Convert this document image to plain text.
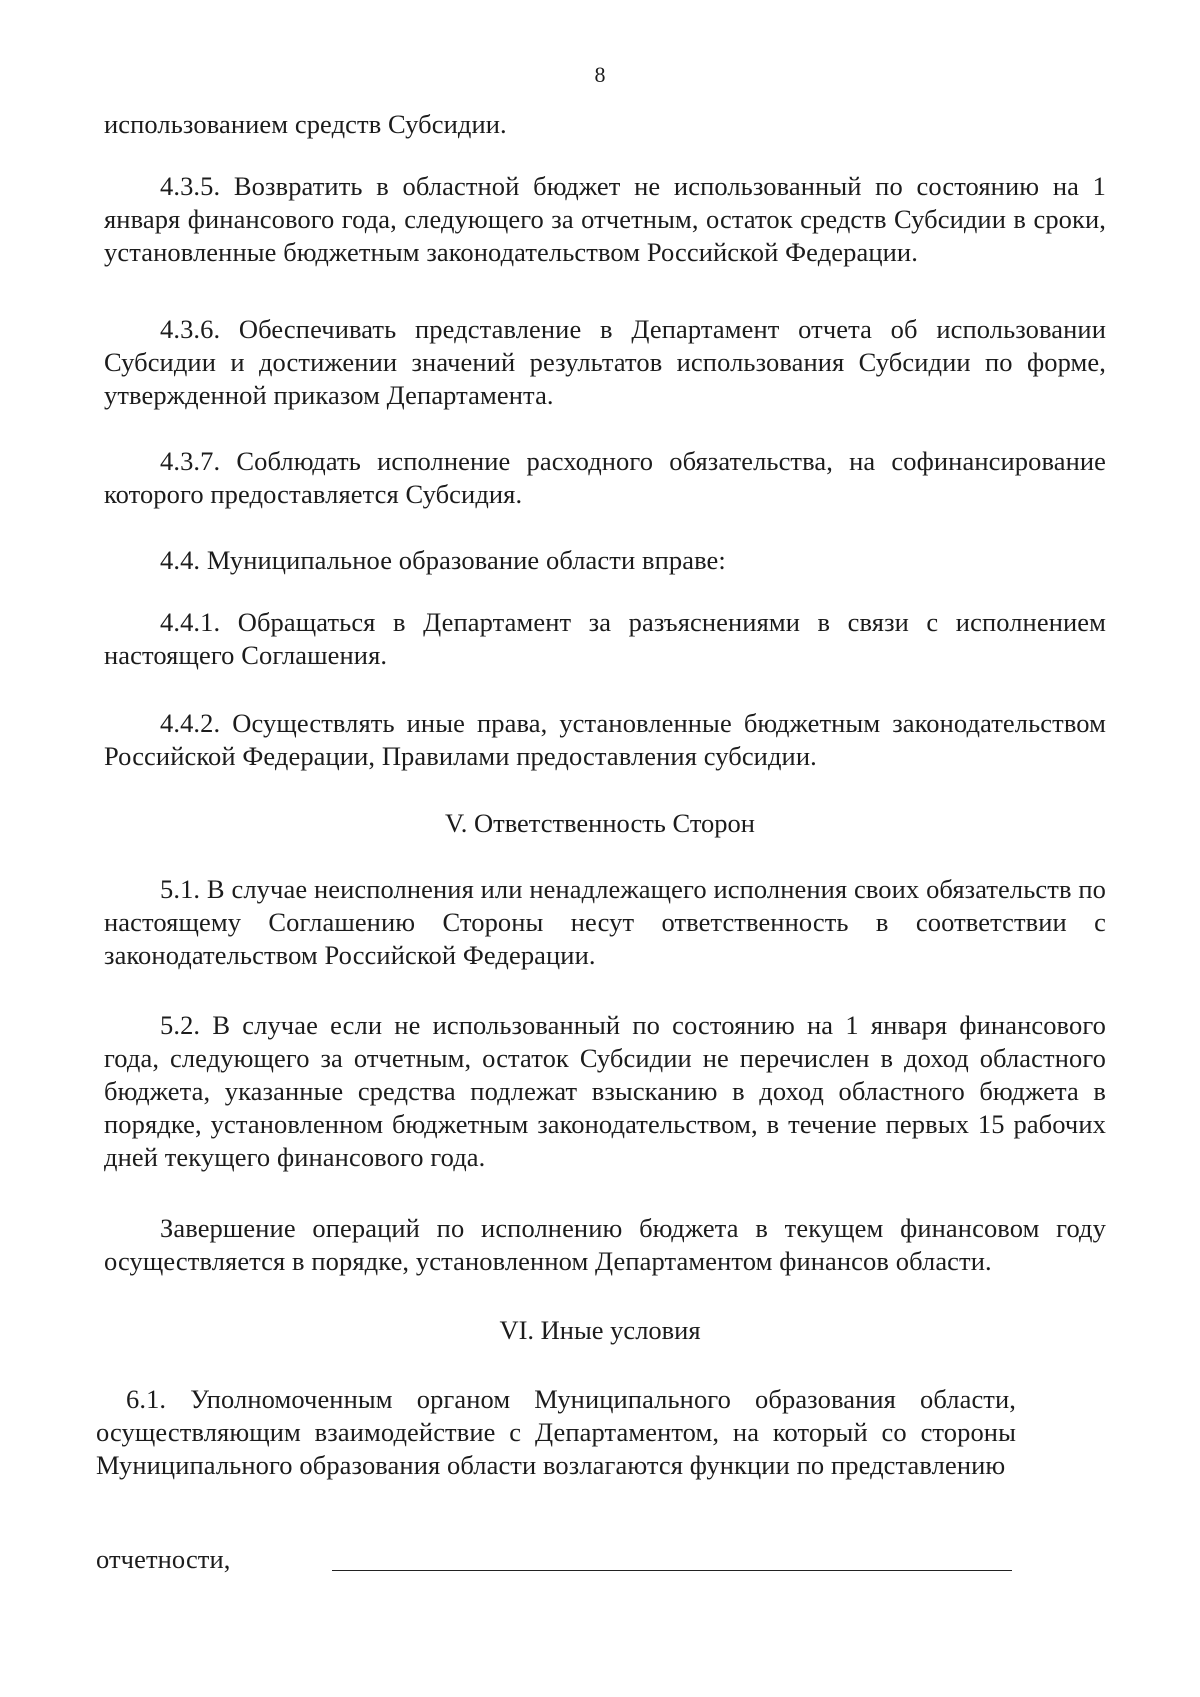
8
использованием средств Субсидии.
4.3.5. Возвратить в областной бюджет не использованный по состоянию на 1 января финансового года, следующего за отчетным, остаток средств Субсидии в сроки, установленные бюджетным законодательством Российской Федерации.
4.3.6. Обеспечивать представление в Департамент отчета об использовании Субсидии и достижении значений результатов использования Субсидии по форме, утвержденной приказом Департамента.
4.3.7. Соблюдать исполнение расходного обязательства, на софинансирование которого предоставляется Субсидия.
4.4. Муниципальное образование области вправе:
4.4.1. Обращаться в Департамент за разъяснениями в связи с исполнением настоящего Соглашения.
4.4.2. Осуществлять иные права, установленные бюджетным законодательством Российской Федерации, Правилами предоставления субсидии.
V. Ответственность Сторон
5.1. В случае неисполнения или ненадлежащего исполнения своих обязательств по настоящему Соглашению Стороны несут ответственность в соответствии с законодательством Российской Федерации.
5.2. В случае если не использованный по состоянию на 1 января финансового года, следующего за отчетным, остаток Субсидии не перечислен в доход областного бюджета, указанные средства подлежат взысканию в доход областного бюджета в порядке, установленном бюджетным законодательством, в течение первых 15 рабочих дней текущего финансового года.
Завершение операций по исполнению бюджета в текущем финансовом году осуществляется в порядке, установленном Департаментом финансов области.
VI. Иные условия
6.1. Уполномоченным органом Муниципального образования области, осуществляющим взаимодействие с Департаментом, на который со стороны Муниципального образования области возлагаются функции по представлению
отчетности,
